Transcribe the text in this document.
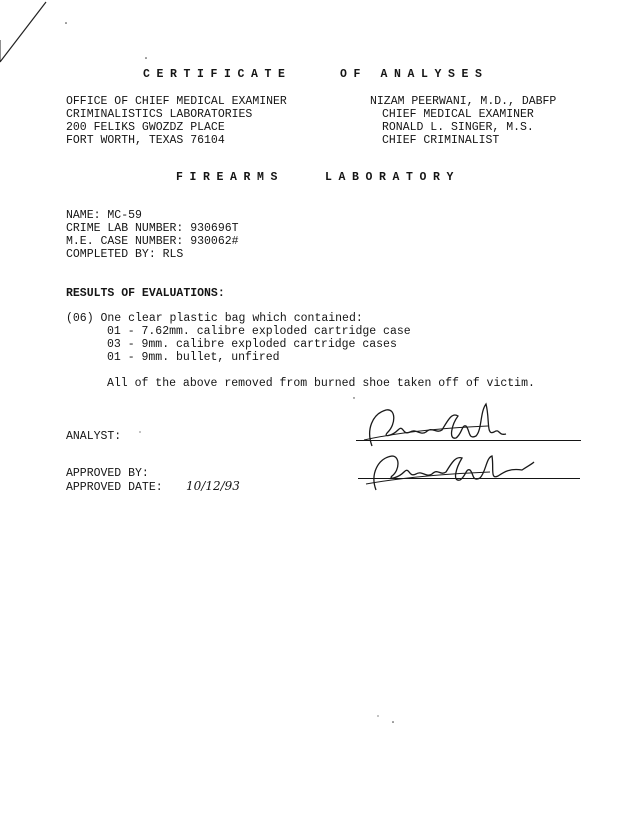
CERTIFICATE	OF ANALYSES
OFFICE OF CHIEF MEDICAL EXAMINER
CRIMINALISTICS LABORATORIES
200 FELIKS GWOZDZ PLACE
FORT WORTH, TEXAS 76104
NIZAM PEERWANI, M.D., DABFP
CHIEF MEDICAL EXAMINER
RONALD L. SINGER, M.S.
CHIEF CRIMINALIST
FIREARMS	LABORATORY
NAME: MC-59
CRIME LAB NUMBER: 930696T
M.E. CASE NUMBER: 930062#
COMPLETED BY: RLS
RESULTS OF EVALUATIONS:
(06) One clear plastic bag which contained:
01 - 7.62mm. calibre exploded cartridge case
03 - 9mm. calibre exploded cartridge cases
01 - 9mm. bullet, unfired
All of the above removed from burned shoe taken off of victim.
ANALYST:
APPROVED BY:
APPROVED DATE: 10/12/93
